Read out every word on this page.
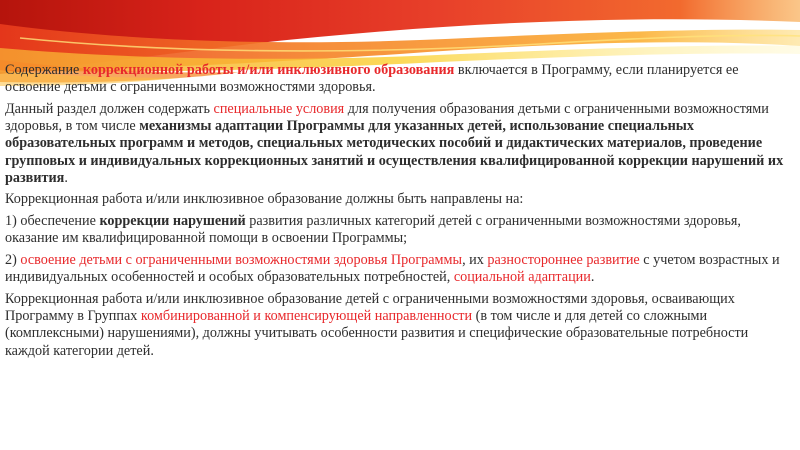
Содержание коррекционной работы и/или инклюзивного образования включается в Программу, если планируется ее освоение детьми с ограниченными возможностями здоровья.

Данный раздел должен содержать специальные условия для получения образования детьми с ограниченными возможностями здоровья, в том числе механизмы адаптации Программы для указанных детей, использование специальных образовательных программ и методов, специальных методических пособий и дидактических материалов, проведение групповых и индивидуальных коррекционных занятий и осуществления квалифицированной коррекции нарушений их развития.

Коррекционная работа и/или инклюзивное образование должны быть направлены на:

1) обеспечение коррекции нарушений развития различных категорий детей с ограниченными возможностями здоровья, оказание им квалифицированной помощи в освоении Программы;

2) освоение детьми с ограниченными возможностями здоровья Программы, их разностороннее развитие с учетом возрастных и индивидуальных особенностей и особых образовательных потребностей, социальной адаптации.

Коррекционная работа и/или инклюзивное образование детей с ограниченными возможностями здоровья, осваивающих Программу в Группах комбинированной и компенсирующей направленности (в том числе и для детей со сложными (комплексными) нарушениями), должны учитывать особенности развития и специфические образовательные потребности каждой категории детей.
